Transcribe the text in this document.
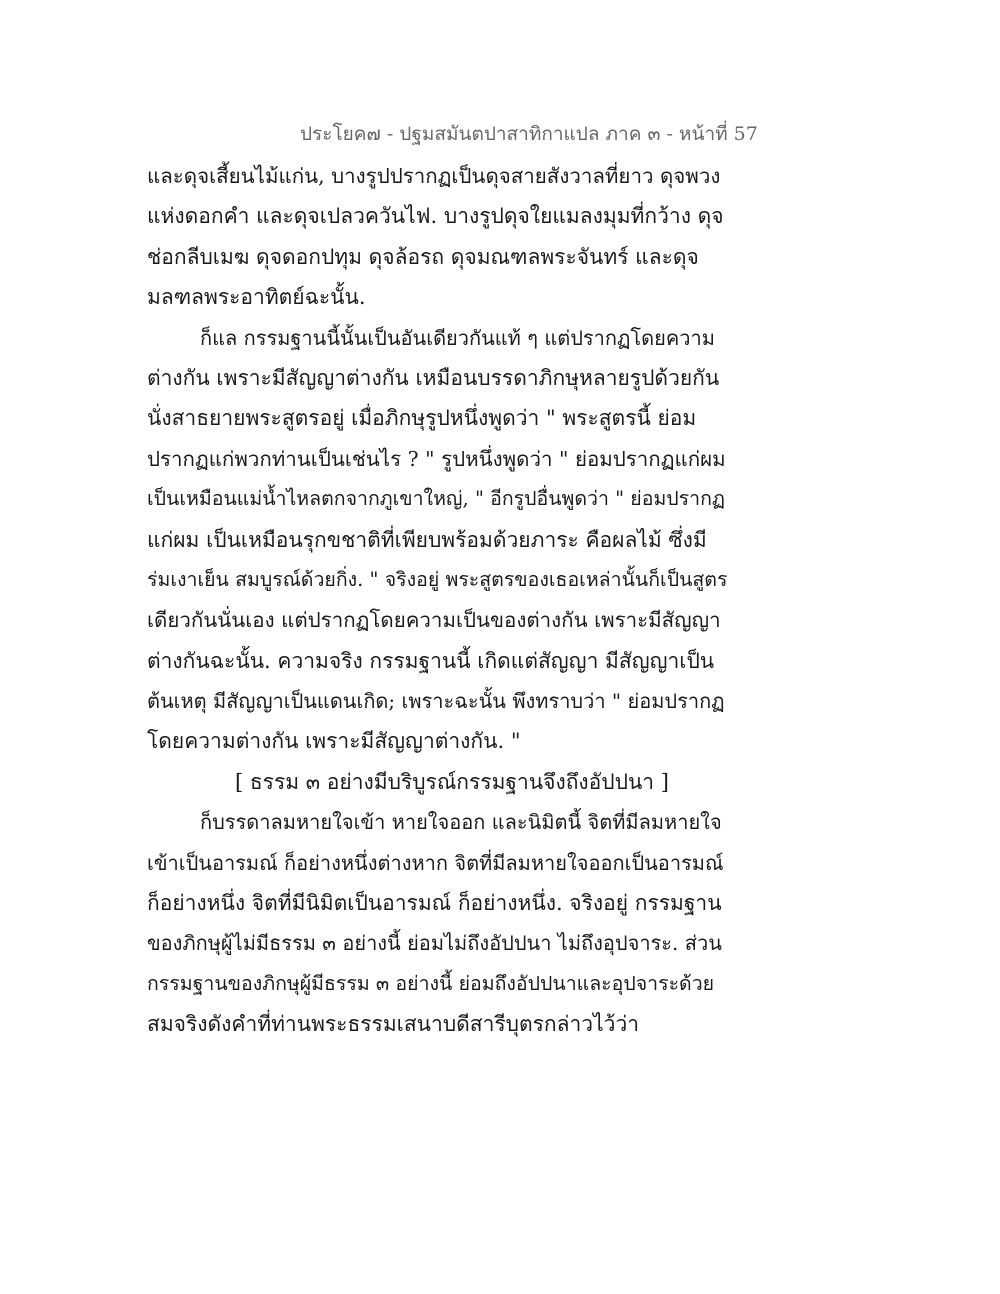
ประโยค๗ - ปฐมสมันตปาสาทิกาแปล ภาค ๓ - หน้าที่ 57
และดุจเสี้ยนไม้แก่น, บางรูปปรากฏเป็นดุจสายสังวาลที่ยาว ดุจพวง
แห่งดอกคำ และดุจเปลวควันไฟ. บางรูปดุจใยแมลงมุมที่กว้าง ดุจ
ช่อกลีบเมฆ ดุจดอกปทุม ดุจล้อรถ ดุจมณฑลพระจันทร์ และดุจ
มลฑลพระอาทิตย์ฉะนั้น.
ก็แล กรรมฐานนี้นั้นเป็นอันเดียวกันแท้ ๆ แต่ปรากฏโดยความ
ต่างกัน เพราะมีสัญญาต่างกัน เหมือนบรรดาภิกษุหลายรูปด้วยกัน
นั่งสาธยายพระสูตรอยู่ เมื่อภิกษุรูปหนึ่งพูดว่า " พระสูตรนี้ ย่อม
ปรากฏแก่พวกท่านเป็นเช่นไร ? " รูปหนึ่งพูดว่า " ย่อมปรากฏแก่ผม
เป็นเหมือนแม่น้ำไหลตกจากภูเขาใหญ่, " อีกรูปอื่นพูดว่า " ย่อมปรากฏ
แก่ผม เป็นเหมือนรุกขชาติที่เพียบพร้อมด้วยภาระ คือผลไม้ ซึ่งมี
ร่มเงาเย็น สมบูรณ์ด้วยกิ่ง. " จริงอยู่ พระสูตรของเธอเหล่านั้นก็เป็นสูตร
เดียวกันนั่นเอง แต่ปรากฏโดยความเป็นของต่างกัน เพราะมีสัญญา
ต่างกันฉะนั้น. ความจริง กรรมฐานนี้ เกิดแต่สัญญา มีสัญญาเป็น
ต้นเหตุ มีสัญญาเป็นแดนเกิด; เพราะฉะนั้น พึงทราบว่า " ย่อมปรากฏ
โดยความต่างกัน เพราะมีสัญญาต่างกัน. "
[ ธรรม ๓ อย่างมีบริบูรณ์กรรมฐานจึงถึงอัปปนา ]
ก็บรรดาลมหายใจเข้า หายใจออก และนิมิตนี้ จิตที่มีลมหายใจ
เข้าเป็นอารมณ์ ก็อย่างหนึ่งต่างหาก จิตที่มีลมหายใจออกเป็นอารมณ์
ก็อย่างหนึ่ง จิตที่มีนิมิตเป็นอารมณ์ ก็อย่างหนึ่ง. จริงอยู่ กรรมฐาน
ของภิกษุผู้ไม่มีธรรม ๓ อย่างนี้ ย่อมไม่ถึงอัปปนา ไม่ถึงอุปจาระ. ส่วน
กรรมฐานของภิกษุผู้มีธรรม ๓ อย่างนี้ ย่อมถึงอัปปนาและอุปจาระด้วย
สมจริงดังคำที่ท่านพระธรรมเสนาบดีสารีบุตรกล่าวไว้ว่า
